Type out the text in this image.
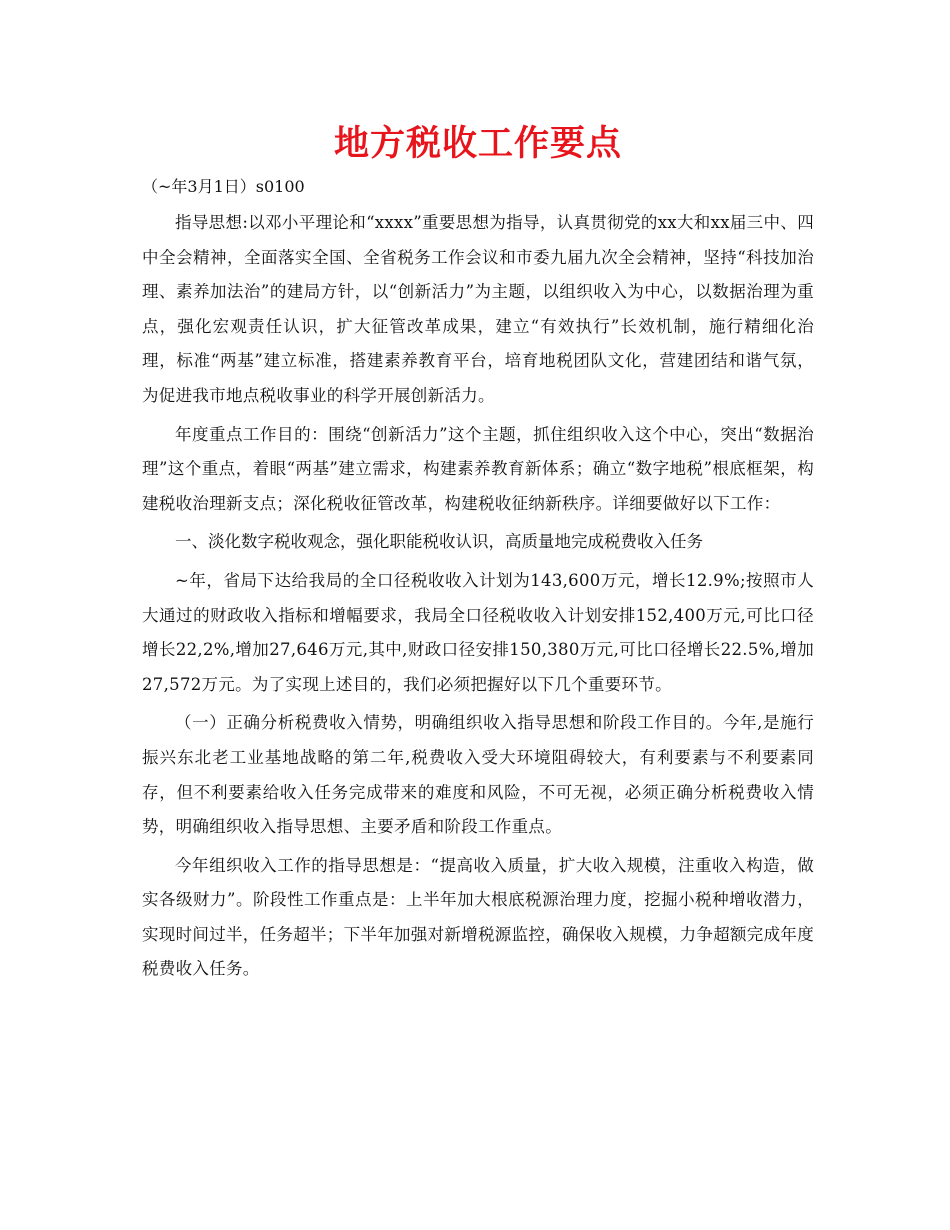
地方税收工作要点

（~年3月1日）s0100

指导思想:以邓小平理论和“xxxx”重要思想为指导，认真贯彻党的xx大和xx届三中、四中全会精神，全面落实全国、全省税务工作会议和市委九届九次全会精神，坚持“科技加治理、素养加法治”的建局方针，以“创新活力”为主题，以组织收入为中心，以数据治理为重点，强化宏观责任认识，扩大征管改革成果，建立“有效执行”长效机制，施行精细化治理，标准“两基”建立标准，搭建素养教育平台，培育地税团队文化，营建团结和谐气氛，为促进我市地点税收事业的科学开展创新活力。

年度重点工作目的：围绕“创新活力”这个主题，抓住组织收入这个中心，突出“数据治理”这个重点，着眼“两基”建立需求，构建素养教育新体系；确立“数字地税”根底框架，构建税收治理新支点；深化税收征管改革，构建税收征纳新秩序。详细要做好以下工作：

一、淡化数字税收观念，强化职能税收认识，高质量地完成税费收入任务

~年，省局下达给我局的全口径税收收入计划为143,600万元，增长12.9%;按照市人大通过的财政收入指标和增幅要求，我局全口径税收收入计划安排152,400万元,可比口径增长22,2%,增加27,646万元,其中,财政口径安排150,380万元,可比口径增长22.5%,增加27,572万元。为了实现上述目的，我们必须把握好以下几个重要环节。

（一）正确分析税费收入情势，明确组织收入指导思想和阶段工作目的。今年,是施行振兴东北老工业基地战略的第二年,税费收入受大环境阻碍较大，有利要素与不利要素同存，但不利要素给收入任务完成带来的难度和风险，不可无视，必须正确分析税费收入情势，明确组织收入指导思想、主要矛盾和阶段工作重点。

今年组织收入工作的指导思想是：“提高收入质量，扩大收入规模，注重收入构造，做实各级财力”。阶段性工作重点是：上半年加大根底税源治理力度，挖掘小税种增收潜力，实现时间过半，任务超半；下半年加强对新增税源监控，确保收入规模，力争超额完成年度税费收入任务。
